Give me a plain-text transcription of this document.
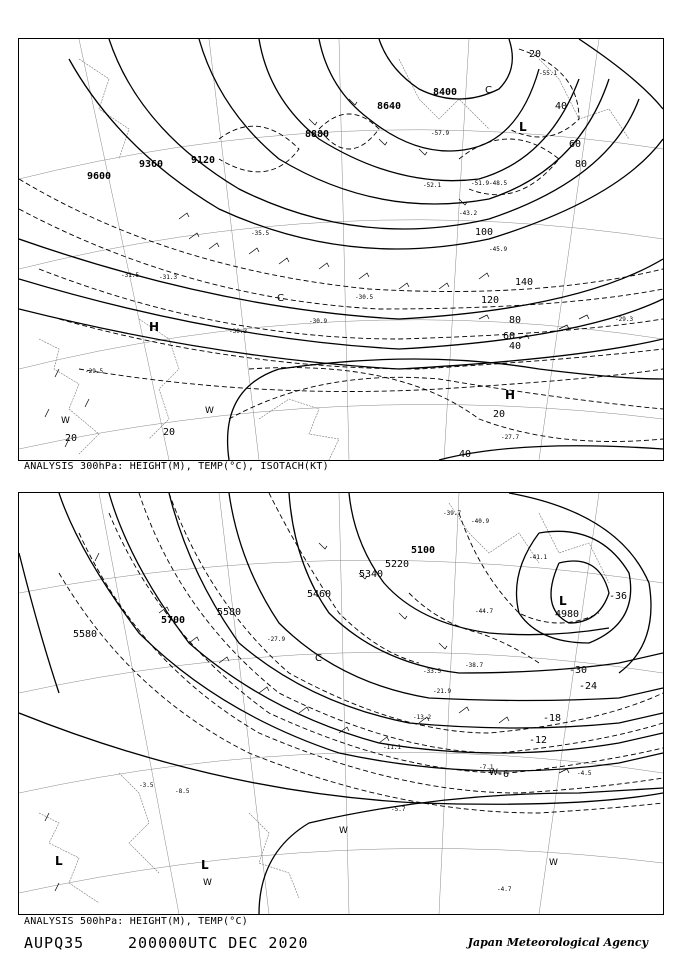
9600
9360	9120
8880
8640
8400
20
40
60
80
100
120
140
80
60
40
20
20
20
40
H
H
L
C
C
W
W
-57.9
-55.1
-51.9 -48.5
-43.2
-35.5
-31.5	-31.3
-30.5
-30.9	-29.3
-29.5
-27.7
-30.3
-45.9
-52.1
ANALYSIS 300hPa: HEIGHT(M), TEMP(°C), ISOTACH(KT)
5100
5220
5340
5460
5580
5700
4980
5580
-36
-30
-24
-18
-12
-6
L
L	L
C
W
W
W
W
-39.7
-40.9
-41.1
-44.7
-38.7
-33.5
-21.9
-13.2
-11.1
-4.5
-5.7
-7.1
-4.7
-3.5
-8.5
-27.9
ANALYSIS 500hPa: HEIGHT(M), TEMP(°C)
AUPQ35	200000UTC DEC 2020	Japan Meteorological Agency
